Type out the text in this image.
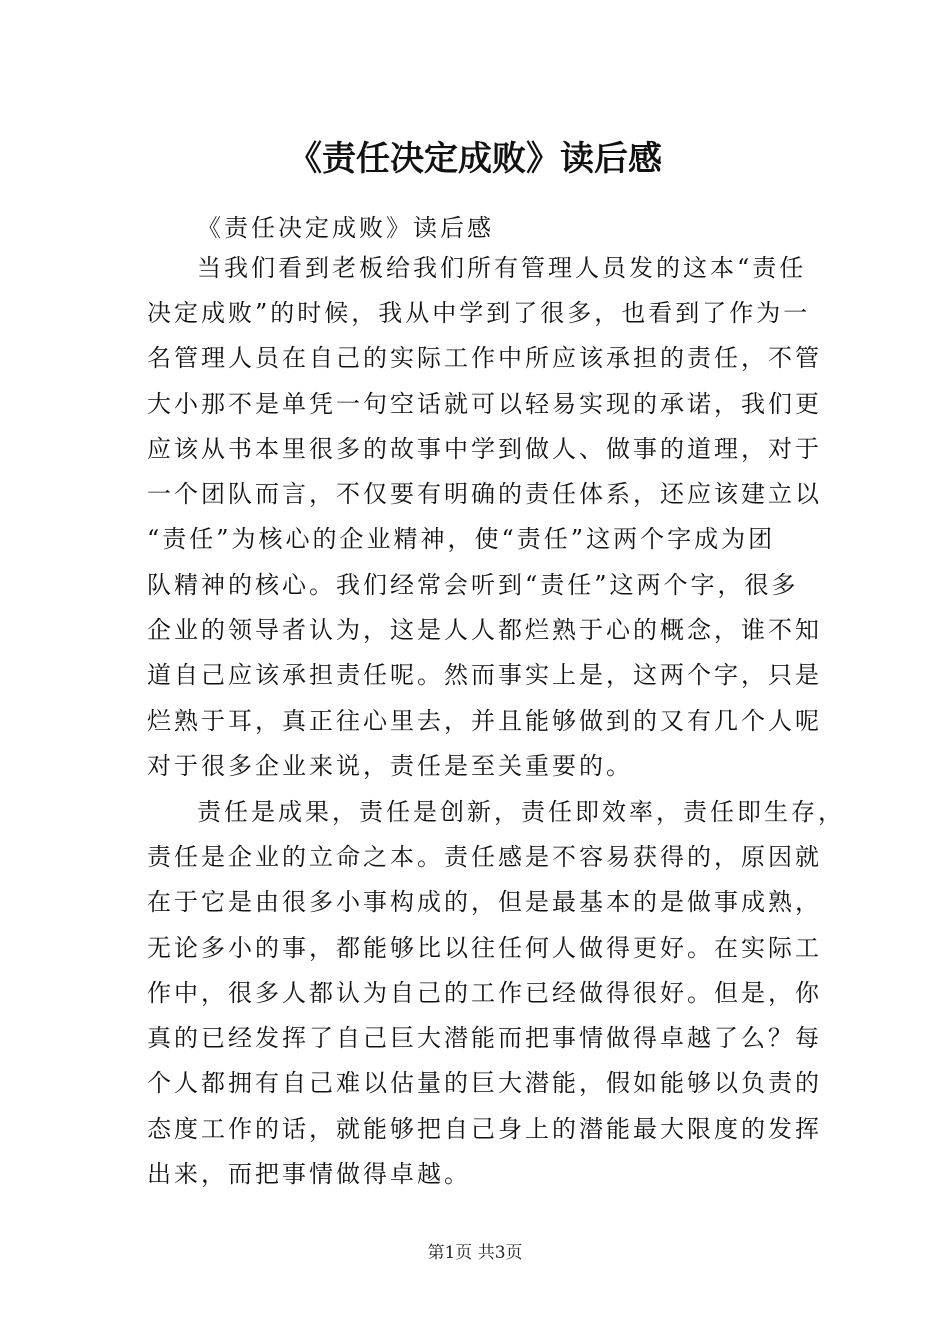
《责任决定成败》读后感

《责任决定成败》读后感

当我们看到老板给我们所有管理人员发的这本“责任

决定成败”的时候，我从中学到了很多，也看到了作为一

名管理人员在自己的实际工作中所应该承担的责任，不管

大小那不是单凭一句空话就可以轻易实现的承诺，我们更

应该从书本里很多的故事中学到做人、做事的道理，对于

一个团队而言，不仅要有明确的责任体系，还应该建立以

“责任”为核心的企业精神，使“责任”这两个字成为团

队精神的核心。我们经常会听到“责任”这两个字，很多

企业的领导者认为，这是人人都烂熟于心的概念，谁不知

道自己应该承担责任呢。然而事实上是，这两个字，只是

烂熟于耳，真正往心里去，并且能够做到的又有几个人呢

对于很多企业来说，责任是至关重要的。

责任是成果，责任是创新，责任即效率，责任即生存，

责任是企业的立命之本。责任感是不容易获得的，原因就

在于它是由很多小事构成的，但是最基本的是做事成熟，

无论多小的事，都能够比以往任何人做得更好。在实际工

作中，很多人都认为自己的工作已经做得很好。但是，你

真的已经发挥了自己巨大潜能而把事情做得卓越了么？每

个人都拥有自己难以估量的巨大潜能，假如能够以负责的

态度工作的话，就能够把自己身上的潜能最大限度的发挥

出来，而把事情做得卓越。

第1页 共3页
